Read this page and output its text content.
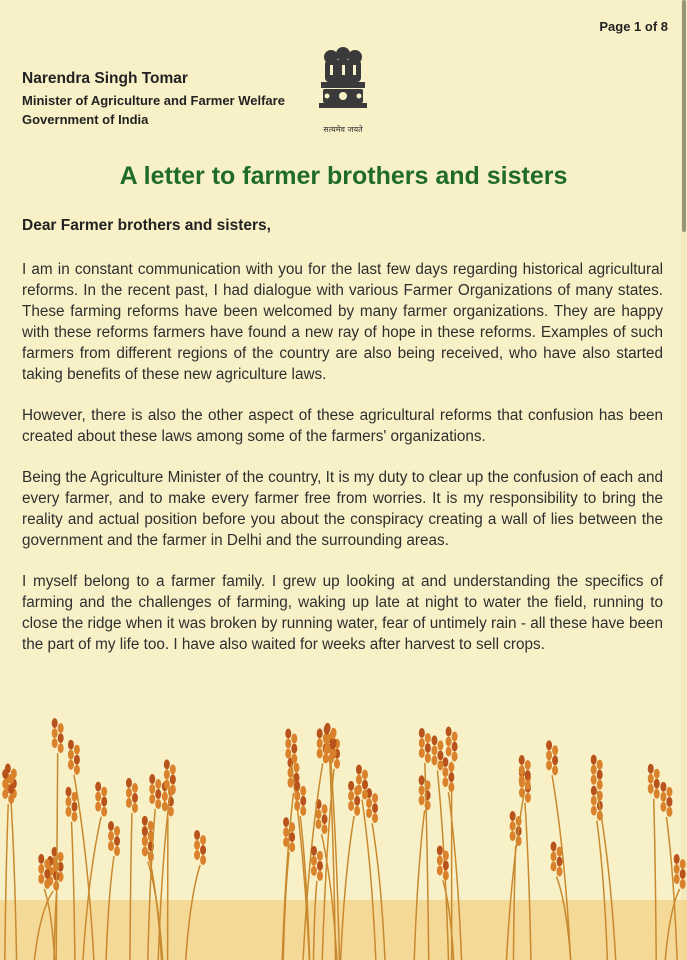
Page 1 of 8
Narendra Singh Tomar
Minister of Agriculture and Farmer Welfare
Government of India
सत्यमेव जयते
A letter to farmer brothers and sisters
Dear Farmer brothers and sisters,

I am in constant communication with you for the last few days regarding historical agricultural reforms. In the recent past, I had dialogue with various Farmer Organizations of many states. These farming reforms have been welcomed by many farmer organizations. They are happy with these reforms farmers have found a new ray of hope in these reforms. Examples of such farmers from different regions of the country are also being received, who have also started taking benefits of these new agriculture laws.

However, there is also the other aspect of these agricultural reforms that confusion has been created about these laws among some of the farmers' organizations.

Being the Agriculture Minister of the country, It is my duty to clear up the confusion of each and every farmer, and to make every farmer free from worries. It is my responsibility to bring the reality and actual position before you about the conspiracy creating a wall of lies between the government and the farmer in Delhi and the surrounding areas.

I myself belong to a farmer family. I grew up looking at and understanding the specifics of farming and the challenges of farming, waking up late at night to water the field, running to close the ridge when it was broken by running water, fear of untimely rain - all these have been the part of my life too. I have also waited for weeks after harvest to sell crops.
